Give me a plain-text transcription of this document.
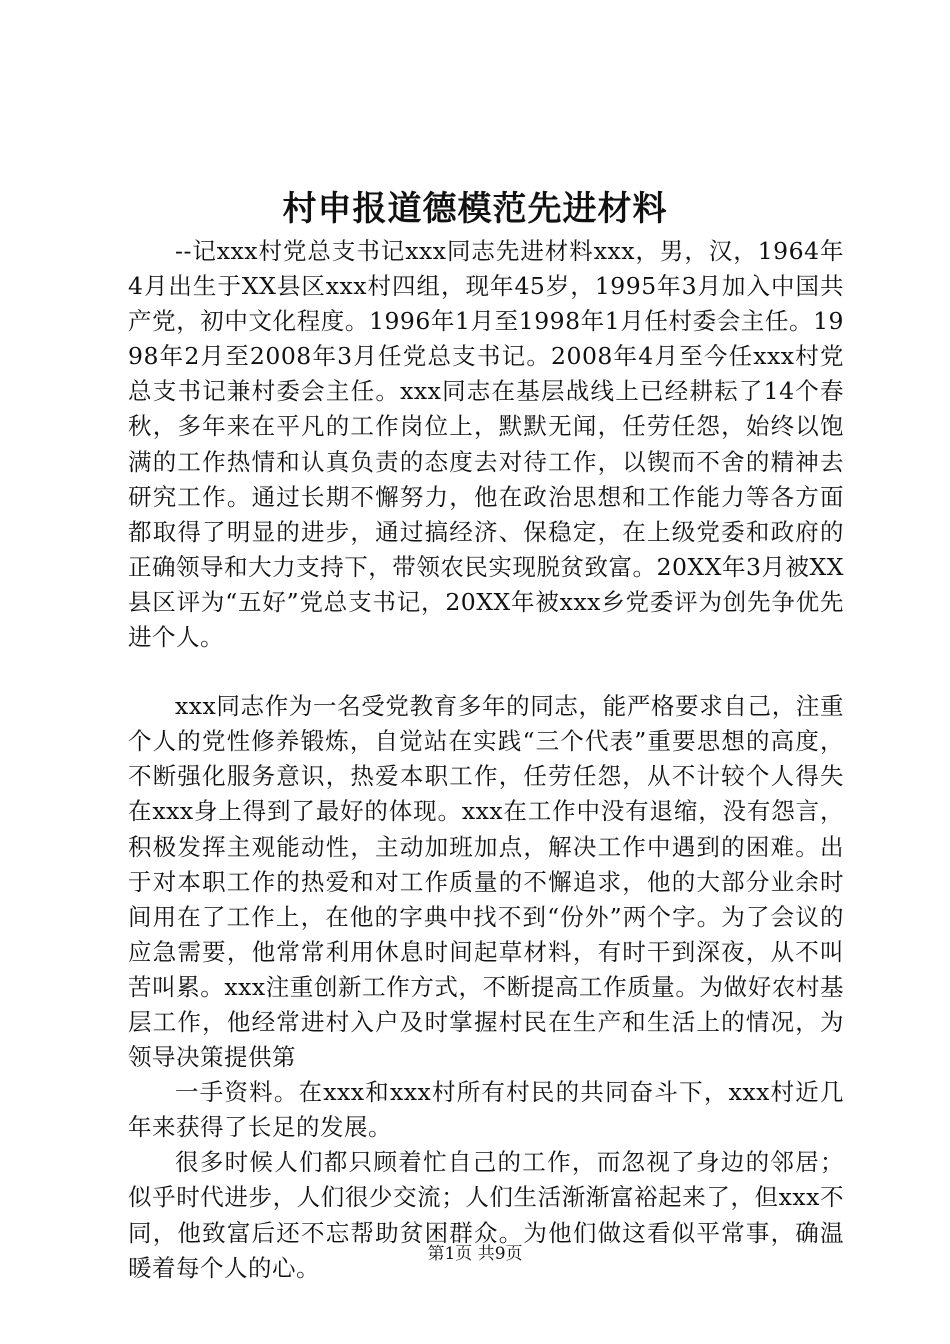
村申报道德模范先进材料

--记xxx村党总支书记xxx同志先进材料xxx，男，汉，1964年4月出生于XX县区xxx村四组，现年45岁，1995年3月加入中国共产党，初中文化程度。1996年1月至1998年1月任村委会主任。1998年2月至2008年3月任党总支书记。2008年4月至今任xxx村党总支书记兼村委会主任。xxx同志在基层战线上已经耕耘了14个春秋，多年来在平凡的工作岗位上，默默无闻，任劳任怨，始终以饱满的工作热情和认真负责的态度去对待工作，以锲而不舍的精神去研究工作。通过长期不懈努力，他在政治思想和工作能力等各方面都取得了明显的进步，通过搞经济、保稳定，在上级党委和政府的正确领导和大力支持下，带领农民实现脱贫致富。20XX年3月被XX县区评为“五好”党总支书记，20XX年被xxx乡党委评为创先争优先进个人。

xxx同志作为一名受党教育多年的同志，能严格要求自己，注重个人的党性修养锻炼，自觉站在实践“三个代表”重要思想的高度，不断强化服务意识，热爱本职工作，任劳任怨，从不计较个人得失在xxx身上得到了最好的体现。xxx在工作中没有退缩，没有怨言，积极发挥主观能动性，主动加班加点，解决工作中遇到的困难。出于对本职工作的热爱和对工作质量的不懈追求，他的大部分业余时间用在了工作上，在他的字典中找不到“份外”两个字。为了会议的应急需要，他常常利用休息时间起草材料，有时干到深夜，从不叫苦叫累。xxx注重创新工作方式，不断提高工作质量。为做好农村基层工作，他经常进村入户及时掌握村民在生产和生活上的情况，为领导决策提供第

一手资料。在xxx和xxx村所有村民的共同奋斗下，xxx村近几年来获得了长足的发展。

很多时候人们都只顾着忙自己的工作，而忽视了身边的邻居；似乎时代进步，人们很少交流；人们生活渐渐富裕起来了，但xxx不同，他致富后还不忘帮助贫困群众。为他们做这看似平常事，确温暖着每个人的心。	第1页 共9页
